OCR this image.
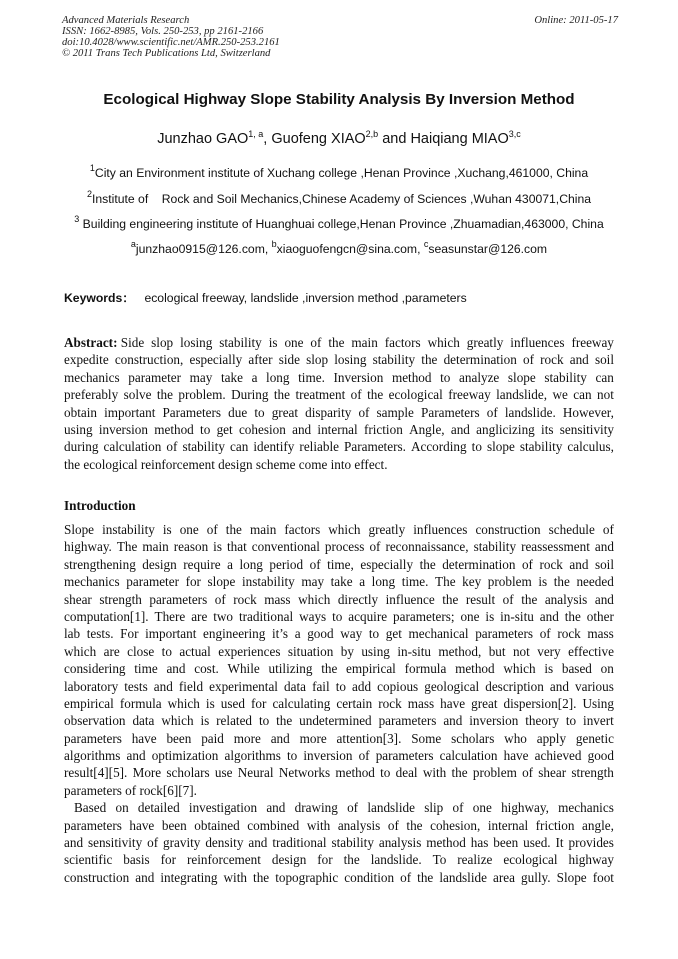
Advanced Materials Research
ISSN: 1662-8985, Vols. 250-253, pp 2161-2166
doi:10.4028/www.scientific.net/AMR.250-253.2161
© 2011 Trans Tech Publications Ltd, Switzerland
Online: 2011-05-17
Ecological Highway Slope Stability Analysis By Inversion Method
Junzhao GAO$^{1, a}$, Guofeng XIAO$^{2,b}$ and Haiqiang MIAO$^{3,c}$
$^1$City an Environment institute of Xuchang college ,Henan Province ,Xuchang,461000, China
$^2$Institute of    Rock and Soil Mechanics,Chinese Academy of Sciences ,Wuhan 430071,China
$^3$ Building engineering institute of Huanghuai college,Henan Province ,Zhuamadian,463000, China
$^a$junzhao0915@126.com, $^b$xiaoguofengcn@sina.com, $^c$seasunstar@126.com
Keywords： ecological freeway, landslide ,inversion method ,parameters
Abstract: Side slop losing stability is one of the main factors which greatly influences freeway
expedite construction, especially after side slop losing stability the determination of rock and soil
mechanics parameter may take a long time. Inversion method to analyze slope stability can
preferably solve the problem. During the treatment of the ecological freeway landslide, we can not
obtain important Parameters due to great disparity of sample Parameters of landslide. However,
using inversion method to get cohesion and internal friction Angle, and anglicizing its sensitivity
during calculation of stability can identify reliable Parameters. According to slope stability calculus,
the ecological reinforcement design scheme come into effect.
Introduction
Slope instability is one of the main factors which greatly influences construction schedule of
highway. The main reason is that conventional process of reconnaissance, stability reassessment and
strengthening design require a long period of time, especially the determination of rock and soil
mechanics parameter for slope instability may take a long time. The key problem is the needed
shear strength parameters of rock mass which directly influence the result of the analysis and
computation[1]. There are two traditional ways to acquire parameters; one is in-situ and the other
lab tests. For important engineering it’s a good way to get mechanical parameters of rock mass
which are close to actual experiences situation by using in-situ method, but not very effective
considering time and cost. While utilizing the empirical formula method which is based on
laboratory tests and field experimental data fail to add copious geological description and various
empirical formula which is used for calculating certain rock mass have great dispersion[2]. Using
observation data which is related to the undetermined parameters and inversion theory to invert
parameters have been paid more and more attention[3]. Some scholars who apply genetic
algorithms and optimization algorithms to inversion of parameters calculation have achieved good
result[4][5]. More scholars use Neural Networks method to deal with the problem of shear strength
parameters of rock[6][7].
Based on detailed investigation and drawing of landslide slip of one highway, mechanics
parameters have been obtained combined with analysis of the cohesion, internal friction angle,
and sensitivity of gravity density and traditional stability analysis method has been used. It provides
scientific basis for reinforcement design for the landslide. To realize ecological highway
construction and integrating with the topographic condition of the landslide area gully. Slope foot
